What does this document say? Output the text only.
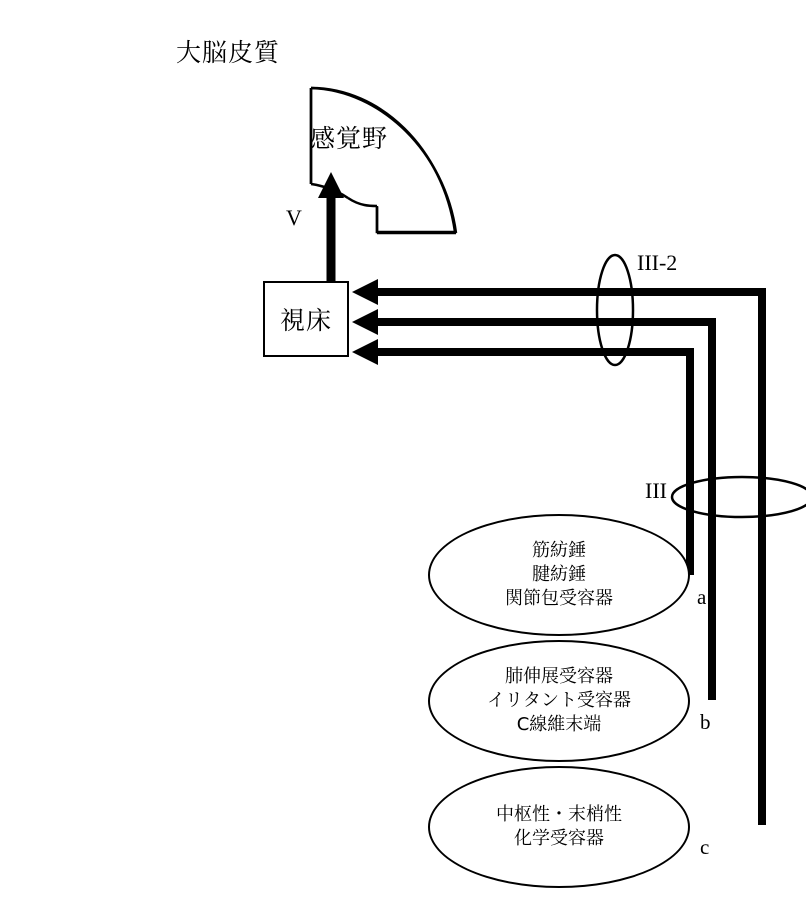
大脳皮質
感覚野
視床
V
III-2
III
筋紡錘
腱紡錘
関節包受容器	a
肺伸展受容器
イリタント受容器
C線維末端	b
中枢性・末梢性
化学受容器	c
